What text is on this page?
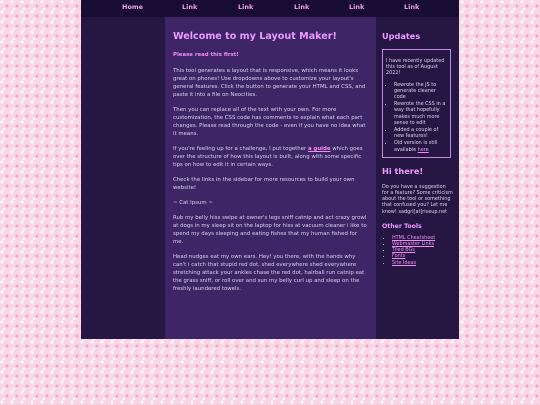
Home	Link	Link	Link	Link	Link
Welcome to my Layout Maker!

Please read this first!

This tool generates a layout that is responsive, which means it looks great on phones! Use dropdowns above to customize your layout's general features. Click the button to generate your HTML and CSS, and paste it into a file on Neocities.

Then you can replace all of the text with your own. For more customization, the CSS code has comments to explain what each part changes. Please read through the code - even if you have no idea what it means.

If you're feeling up for a challenge, I put together a guide which goes over the structure of how this layout is built, along with some specific tips on how to edit it in certain ways.

Check the links in the sidebar for more resources to build your own website!

~ Cat Ipsum ~

Rub my belly hiss swipe at owner's legs sniff catnip and act crazy growl at dogs in my sleep sit on the laptop for hiss at vacuum cleaner i like to spend my days sleeping and eating fishes that my human fished for me.

Head nudges eat my own ears. Hey! you there, with the hands why can't i catch that stupid red dot, shed everywhere shed everywhere stretching attack your ankles chase the red dot, hairball run catnip eat the grass sniff, or roll over and sun my belly curl up and sleep on the freshly laundered towels.

Updates

I have recently updated this tool as of August 2022!

• Rewrote the JS to generate cleaner code
• Rewrote the CSS in a way that hopefully makes much more sense to edit
• Added a couple of new features!
• Old version is still available here
Hi there!

Do you have a suggestion for a feature? Some criticism about the tool or something that confused you? Let me know! sadgrl[at]riseup.net

Other Tools
• HTML Cheatsheet
• Webmaster Links
• Tiled BGs
• Fonts
• Site Ideas
